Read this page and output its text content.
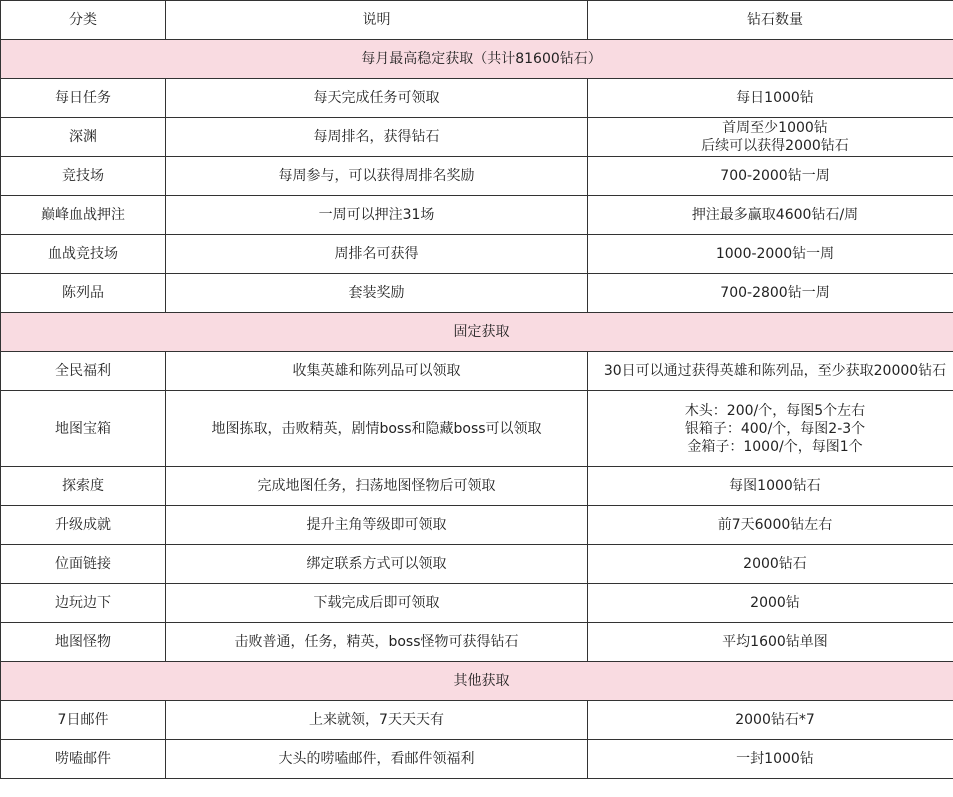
分类	说明	钻石数量
每月最高稳定获取（共计81600钻石）		
每日任务	每天完成任务可领取	每日1000钻

深渊	每周排名，获得钻石	首周至少1000钻
后续可以获得2000钻石

竞技场	每周参与，可以获得周排名奖励	700-2000钻一周

巅峰血战押注	一周可以押注31场	押注最多赢取4600钻石/周

血战竞技场	周排名可获得	1000-2000钻一周

陈列品	套装奖励	700-2800钻一周

固定获取		
全民福利	收集英雄和陈列品可以领取	30日可以通过获得英雄和陈列品，至少获取20000钻石

地图宝箱	地图拣取，击败精英，剧情boss和隐藏boss可以领取	木头：200/个，每图5个左右
银箱子：400/个，每图2-3个
金箱子：1000/个，每图1个

探索度	完成地图任务，扫荡地图怪物后可领取	每图1000钻石

升级成就	提升主角等级即可领取	前7天6000钻左右

位面链接	绑定联系方式可以领取	2000钻石

边玩边下	下载完成后即可领取	2000钻

地图怪物	击败普通，任务，精英，boss怪物可获得钻石	平均1600钻单图

其他获取		
7日邮件	上来就领，7天天天有	2000钻石*7

唠嗑邮件	大头的唠嗑邮件，看邮件领福利	一封1000钻
